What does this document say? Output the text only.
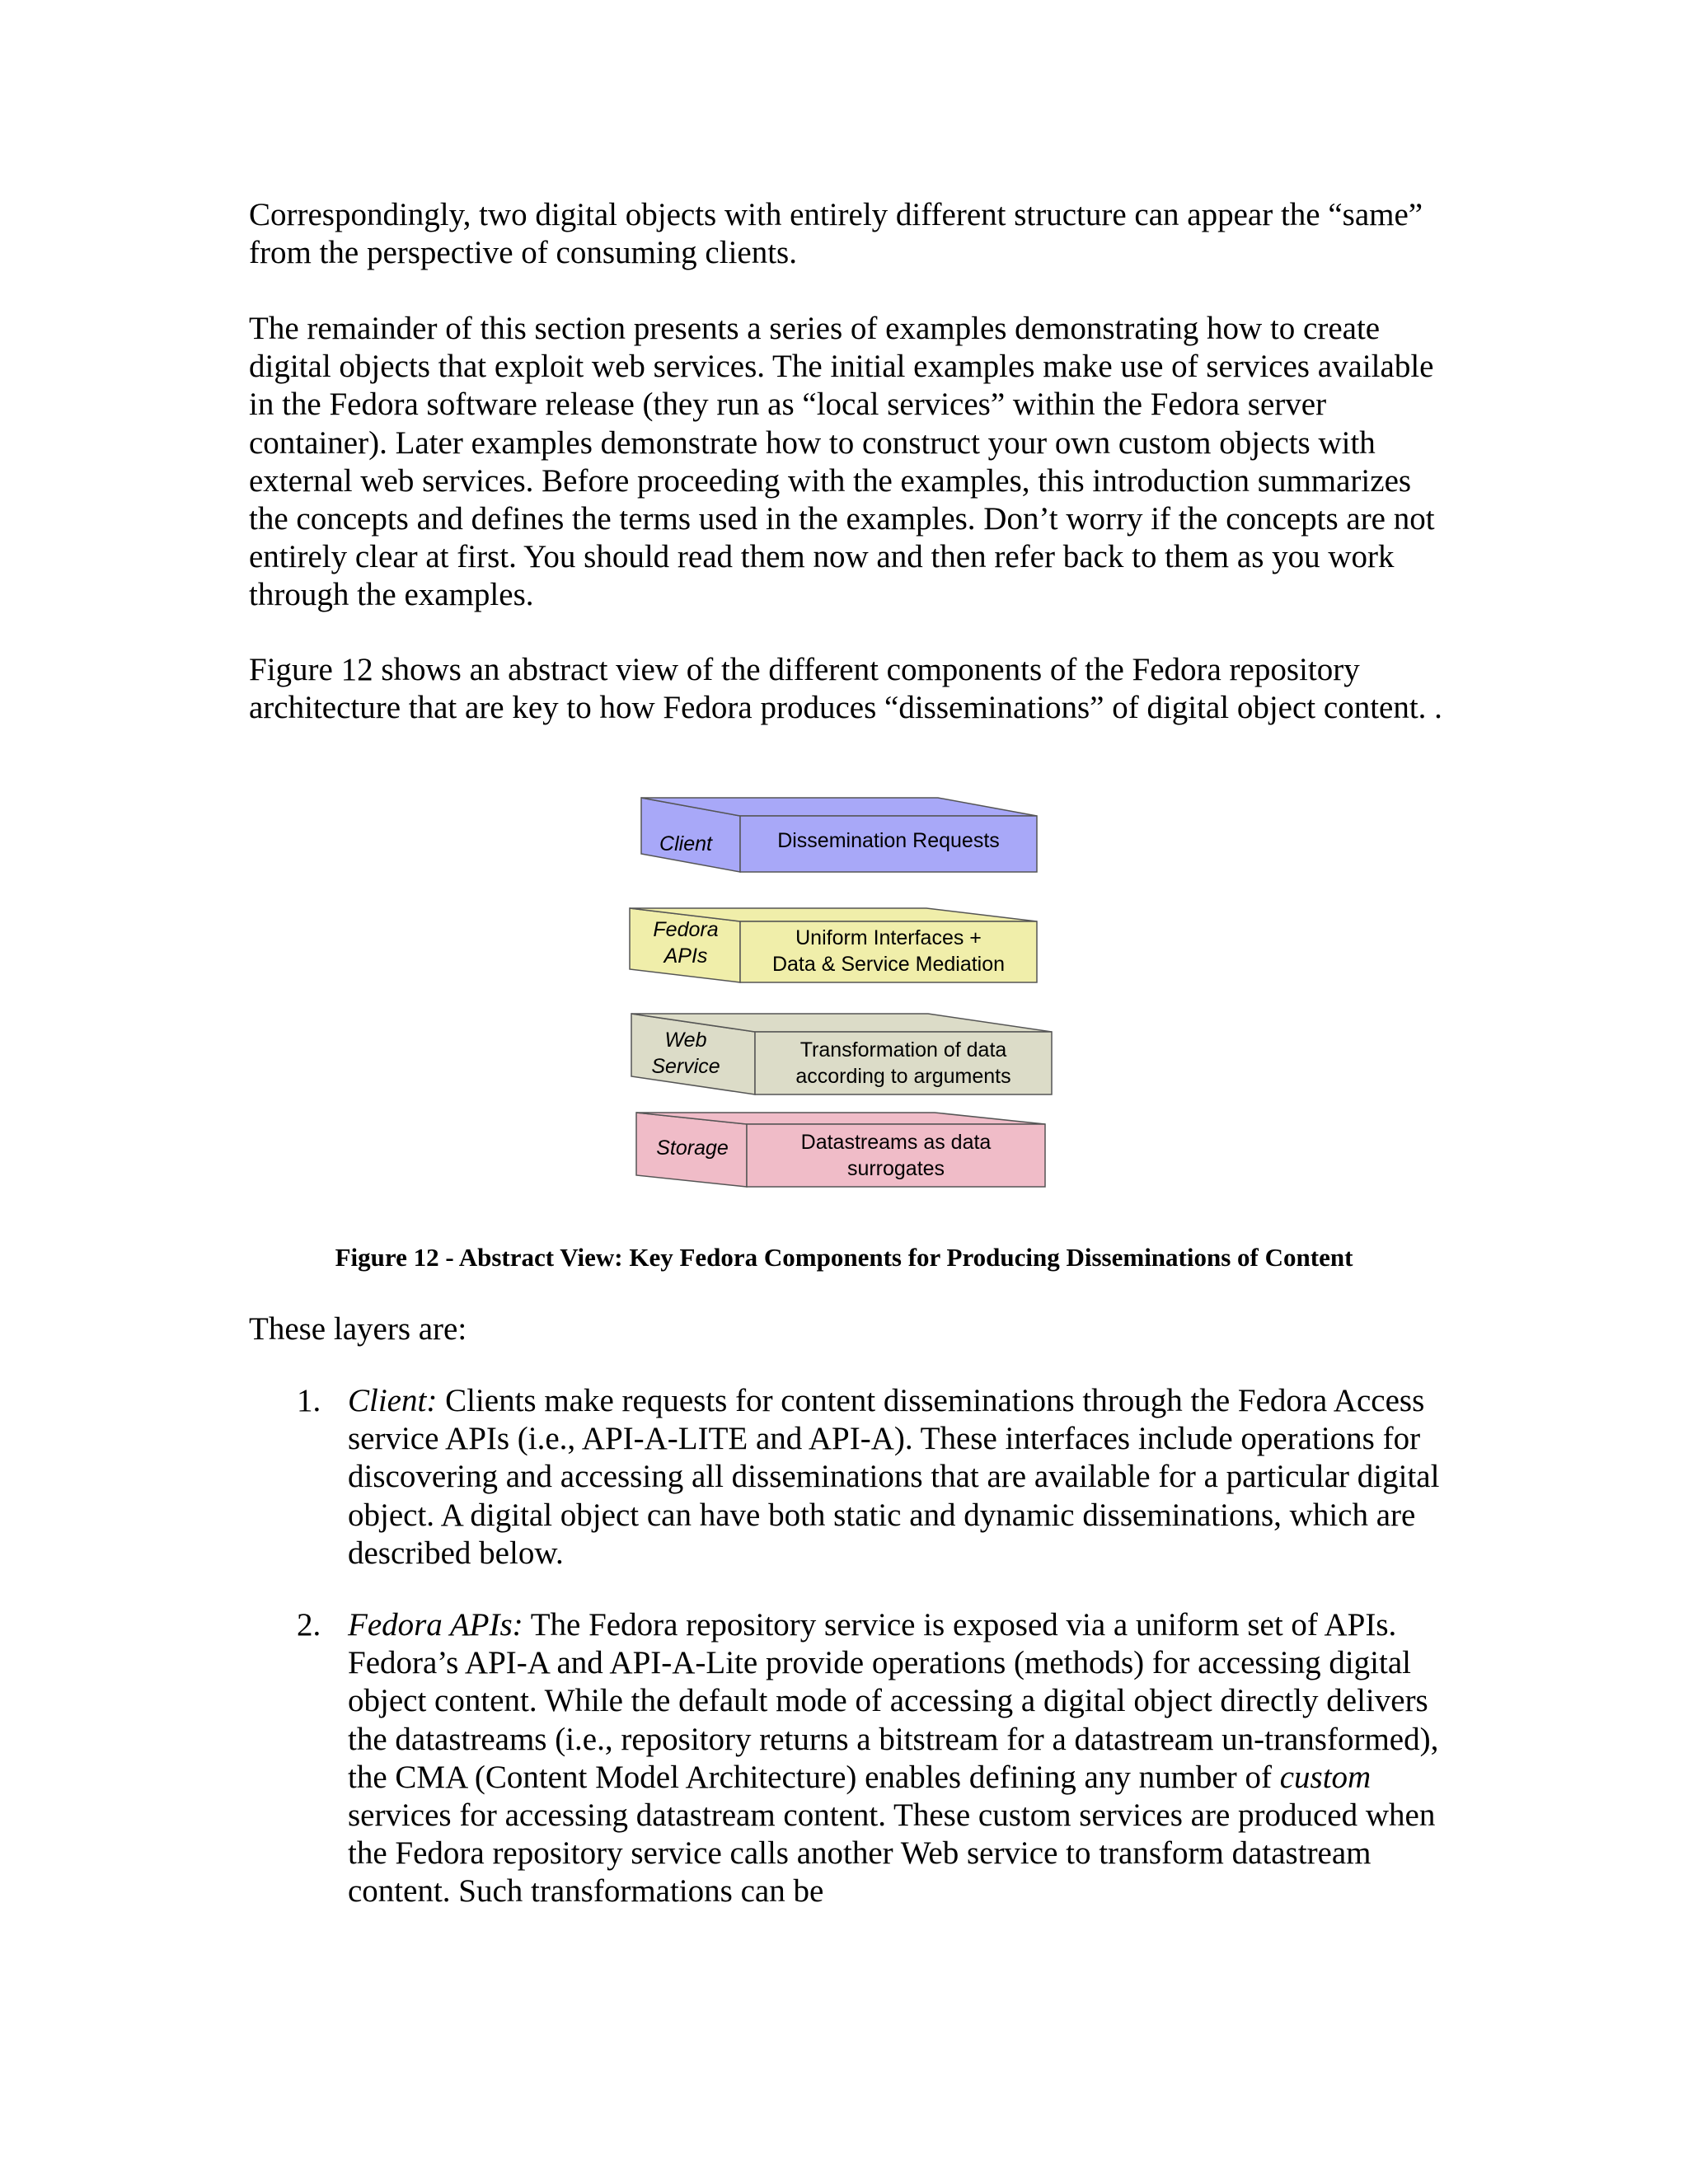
Correspondingly, two digital objects with entirely different structure can appear the “same” from the perspective of consuming clients.

The remainder of this section presents a series of examples demonstrating how to create digital objects that exploit web services. The initial examples make use of services available in the Fedora software release (they run as “local services” within the Fedora server container). Later examples demonstrate how to construct your own custom objects with external web services. Before proceeding with the examples, this introduction summarizes the concepts and defines the terms used in the examples. Don’t worry if the concepts are not entirely clear at first. You should read them now and then refer back to them as you work through the examples.

Figure 12 shows an abstract view of the different components of the Fedora repository architecture that are key to how Fedora produces “disseminations” of digital object content. .

Client	Dissemination Requests
Fedora
APIs
Uniform Interfaces +
Data & Service Mediation
Web
Service
Transformation of data
according to arguments
Storage	Datastreams as data
surrogates

Figure 12 - Abstract View: Key Fedora Components for Producing Disseminations of Content

These layers are:

1. Client: Clients make requests for content disseminations through the Fedora Access service APIs (i.e., API-A-LITE and API-A). These interfaces include operations for discovering and accessing all disseminations that are available for a particular digital object. A digital object can have both static and dynamic disseminations, which are described below.

2. Fedora APIs: The Fedora repository service is exposed via a uniform set of APIs. Fedora’s API-A and API-A-Lite provide operations (methods) for accessing digital object content. While the default mode of accessing a digital object directly delivers the datastreams (i.e., repository returns a bitstream for a datastream un-transformed), the CMA (Content Model Architecture) enables defining any number of custom services for accessing datastream content. These custom services are produced when the Fedora repository service calls another Web service to transform datastream content. Such transformations can be
